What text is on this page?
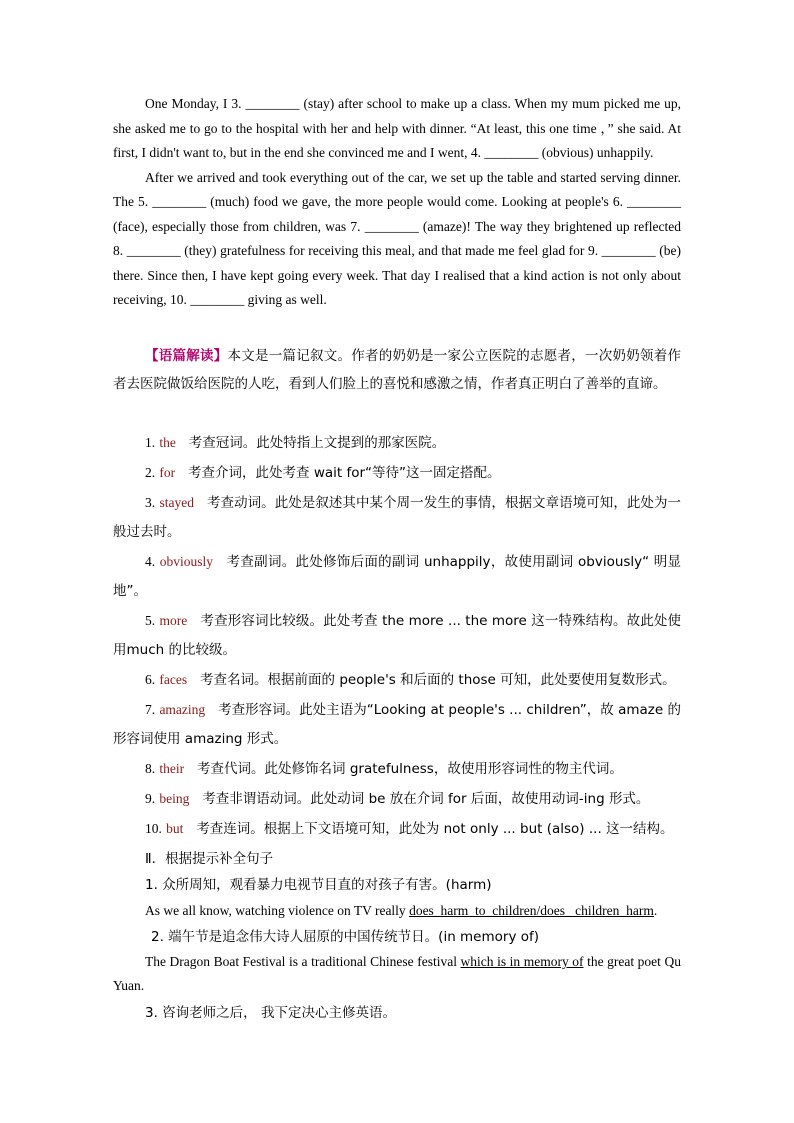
One Monday, I 3. ________ (stay) after school to make up a class. When my mum picked me up, she asked me to go to the hospital with her and help with dinner. “At least, this one time ，” she said. At first, I didn't want to, but in the end she convinced me and I went, 4. ________ (obvious) unhappily.

After we arrived and took everything out of the car, we set up the table and started serving dinner. The 5. ________ (much) food we gave, the more people would come. Looking at people's 6. ________ (face), especially those from children, was 7. ________ (amaze)! The way they brightened up reflected 8. ________ (they) gratefulness for receiving this meal, and that made me feel glad for 9. ________ (be) there. Since then, I have kept going every week. That day I realised that a kind action is not only about receiving, 10. ________ giving as well.

【语篇解读】本文是一篇记叙文。作者的奶奶是一家公立医院的志愿者，一次奶奶领着作者去医院做饭给医院的人吃，看到人们脸上的喜悦和感激之情，作者真正明白了善举的直谛。

1. the 考查冠词。此处特指上文提到的那家医院。

2. for 考查介词，此处考查 wait for“等待”这一固定搭配。

3. stayed 考查动词。此处是叙述其中某个周一发生的事情，根据文章语境可知，此处为一般过去时。

4. obviously 考查副词。此处修饰后面的副词 unhappily，故使用副词 obviously“ 明显地”。

5. more 考查形容词比较级。此处考查 the more ... the more 这一特殊结构。故此处使用much 的比较级。

6. faces 考查名词。根据前面的 people's 和后面的 those 可知，此处要使用复数形式。

7. amazing 考查形容词。此处主语为“Looking at people's ... children”，故 amaze 的形容词使用 amazing 形式。

8. their 考查代词。此处修饰名词 gratefulness，故使用形容词性的物主代词。

9. being 考查非谓语动词。此处动词 be 放在介词 for 后面，故使用动词-ing 形式。

10. but 考查连词。根据上下文语境可知，此处为 not only ... but (also) ... 这一结构。

Ⅱ．根据提示补全句子

1. 众所周知，观看暴力电视节目直的对孩子有害。(harm)

As we all know, watching violence on TV really does_harm_to_children/does_ children_harm.

2. 端午节是追念伟大诗人屈原的中国传统节日。(in memory of)

The Dragon Boat Festival is a traditional Chinese festival which is in memory of the great poet Qu Yuan.

3. 咨询老师之后， 我下定决心主修英语。
